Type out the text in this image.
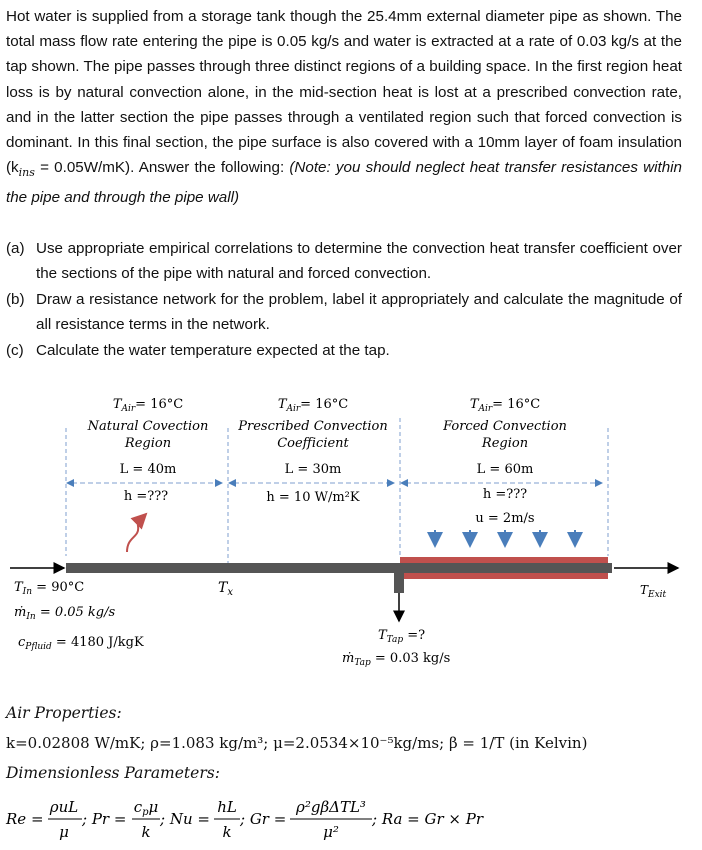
Hot water is supplied from a storage tank though the 25.4mm external diameter pipe as shown. The total mass flow rate entering the pipe is 0.05 kg/s and water is extracted at a rate of 0.03 kg/s at the tap shown. The pipe passes through three distinct regions of a building space. In the first region heat loss is by natural convection alone, in the mid-section heat is lost at a prescribed convection rate, and in the latter section the pipe passes through a ventilated region such that forced convection is dominant. In this final section, the pipe surface is also covered with a 10mm layer of foam insulation $(k_{ins} = 0.05W/mK)$. Answer the following: (Note: you should neglect heat transfer resistances within the pipe and through the pipe wall)
(a) Use appropriate empirical correlations to determine the convection heat transfer coefficient over the sections of the pipe with natural and forced convection.
(b) Draw a resistance network for the problem, label it appropriately and calculate the magnitude of all resistance terms in the network.
(c) Calculate the water temperature expected at the tap.
$T_{Air}= 16^\circ C$
Natural Covection
Region
L = 40m
h =???
$T_{Air}= 16^\circ C$
Prescribed Convection
Coefficient
L = 30m
h = 10 W/m²K
$T_{Air}= 16^\circ C$
Forced Convection
Region
L = 60m
h =???
u = 2m/s
$T_{In} = 90^\circ C$
ṁ$_{In}$ = 0.05 kg/s
$c_{Pfluid} = 4180$ J/kgK
$T_x$
$T_{Tap}$ =?
ṁ$_{Tap}$ = 0.03 kg/s
$T_{Exit}$
Air Properties:
k=0.02808 W/mK; ρ=1.083 kg/m³; μ=2.0534×10⁻⁵kg/ms; β = 1/T (in Kelvin)
Dimensionless Parameters:
Re =
ρuL
μ
; Pr =
$c_p\mu$
k
; Nu =
hL
k
; Gr =
ρ²gβΔTL³
μ²
; Ra = Gr × Pr
